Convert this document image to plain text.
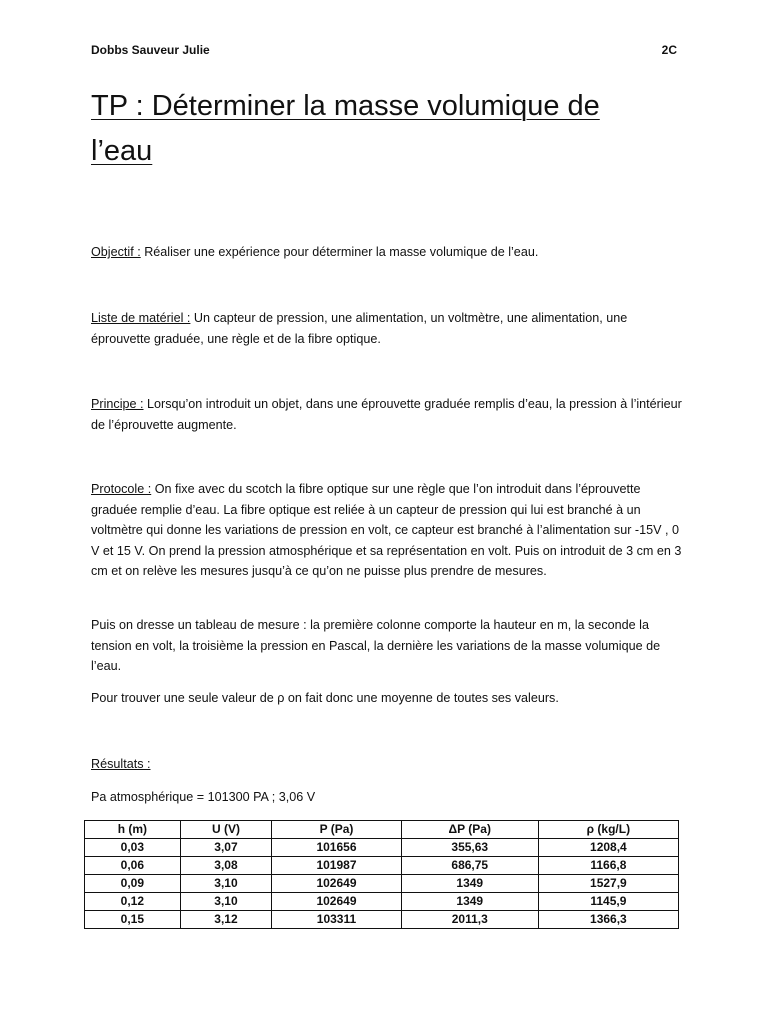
Dobbs Sauveur Julie	2C
TP : Déterminer la masse volumique de
l’eau

Objectif : Réaliser une expérience pour déterminer la masse volumique de l’eau.

Liste de matériel : Un capteur de pression, une alimentation, un voltmètre, une alimentation, une éprouvette graduée, une règle et de la fibre optique.

Principe : Lorsqu’on introduit un objet, dans une éprouvette graduée remplis d’eau, la pression à l’intérieur de l’éprouvette augmente.

Protocole : On fixe avec du scotch la fibre optique sur une règle que l’on introduit dans l’éprouvette graduée remplie d’eau. La fibre optique est reliée à un capteur de pression qui lui est branché à un voltmètre qui donne les variations de pression en volt, ce capteur est branché à l’alimentation sur -15V , 0 V et 15 V. On prend la pression atmosphérique et sa représentation en volt. Puis on introduit de 3 cm en 3 cm et on relève les mesures jusqu’à ce qu’on ne puisse plus prendre de mesures.

Puis on dresse un tableau de mesure : la première colonne comporte la hauteur en m, la seconde la tension en volt, la troisième la pression en Pascal, la dernière les variations de la masse volumique de l’eau.

Pour trouver une seule valeur de ρ on fait donc une moyenne de toutes ses valeurs.

Résultats :

Pa atmosphérique = 101300 PA ; 3,06 V

h (m)	U (V)	P (Pa)	ΔP (Pa)	ρ (kg/L)
0,03	3,07	101656	355,63	1208,4
0,06	3,08	101987	686,75	1166,8
0,09	3,10	102649	1349	1527,9
0,12	3,10	102649	1349	1145,9
0,15	3,12	103311	2011,3	1366,3
